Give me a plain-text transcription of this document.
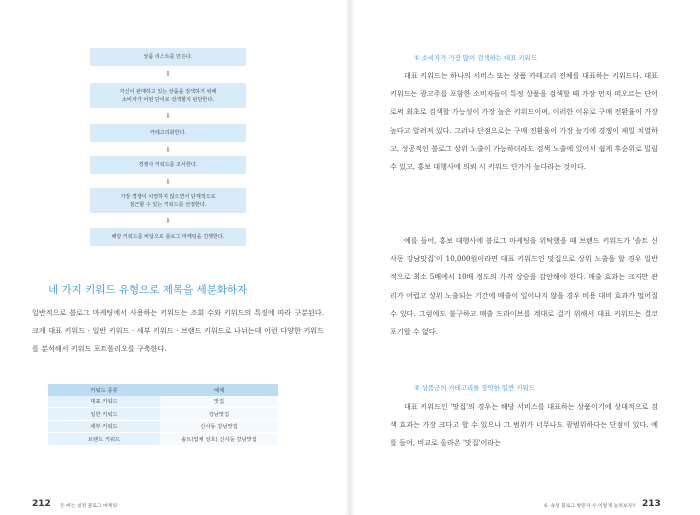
상품 리스트를 만든다.
⬇
자신이 판매하고 있는 상품을 검색하기 위해
소비자가 어떤 단어로 검색할지 판단한다.
⬇
카테고리화한다.
⬇
경쟁사 키워드를 조사한다.
⬇
가장 경쟁이 치열하지 않으면서 단계적으로
점근할 수 있는 키워드를 선정한다.
⬇
해당 키워드를 바탕으로 블로그 마케팅을 진행한다.
네 가지 키워드 유형으로 제목을 세분화하자

일반적으로 블로그 마케팅에서 사용하는 키워드는 조회 수와 키워드의 특징에 따라 구분된다. 크게 대표 키워드 · 일반 키워드 · 세부 키워드 · 브랜드 키워드로 나뉘는데 이런 다양한 키워드를 분석해서 키워드 포트폴리오를 구축한다.

키워드 종류	예제
대표 키워드	맛집
일반 키워드	강남맛집
세부 키워드	신사동 강남맛집
브랜드 키워드	솔트(업체 상호) 신사동 강남맛집
212 돈 버는 실전 블로그 마케팅
① 소비자가 가장 많이 검색하는 대표 키워드

대표 키워드는 하나의 서비스 또는 상품 카테고리 전체를 대표하는 키워드다. 대표 키워드는 광고주를 포함한 소비자들이 특정 상품을 검색할 때 가장 먼저 떠오르는 단어로써 최초로 검색할 가능성이 가장 높은 키워드이며, 이러한 이유로 구매 전환율이 가장 높다고 알려져 있다. 그러나 단점으로는 구매 전환율이 가장 높기에 경쟁이 제일 치열하고, 성공적인 블로그 상위 노출이 가능하더라도 검색 노출에 있어서 쉽게 후순위로 밀릴 수 있고, 홍보 대행사에 의뢰 시 키워드 단가가 높다라는 것이다.

예를 들어, 홍보 대행사에 블로그 마케팅을 위탁했을 때 브랜드 키워드가 '솔트 신사동 강남맛집'이 10,000원이라면 대표 키워드인 맛집으로 상위 노출을 할 경우 일반적으로 최소 5배에서 10배 정도의 가격 상승을 감안해야 한다. 매출 효과는 크지만 관리가 어렵고 상위 노출되는 기간에 매출이 일어나지 않을 경우 비용 대비 효과가 떨어질 수 있다. 그럼에도 불구하고 매출 드라이브를 계대로 걸기 위해서 대표 키워드는 결코 포기할 수 없다.

② 상품군의 카테고리를 장악한 일반 키워드

대표 키워드인 '맛집'의 경우는 해당 서비스를 대표하는 상품이기에 상대적으로 검색 효과는 가장 크다고 할 수 있으나 그 범위가 너무나도 광범위하다는 단점이 있다. 예를 들어, 비교로 올라온 '맛집'이라는

6. 속성 블로그 방문자 수 이렇게 늘려보자!! 213
